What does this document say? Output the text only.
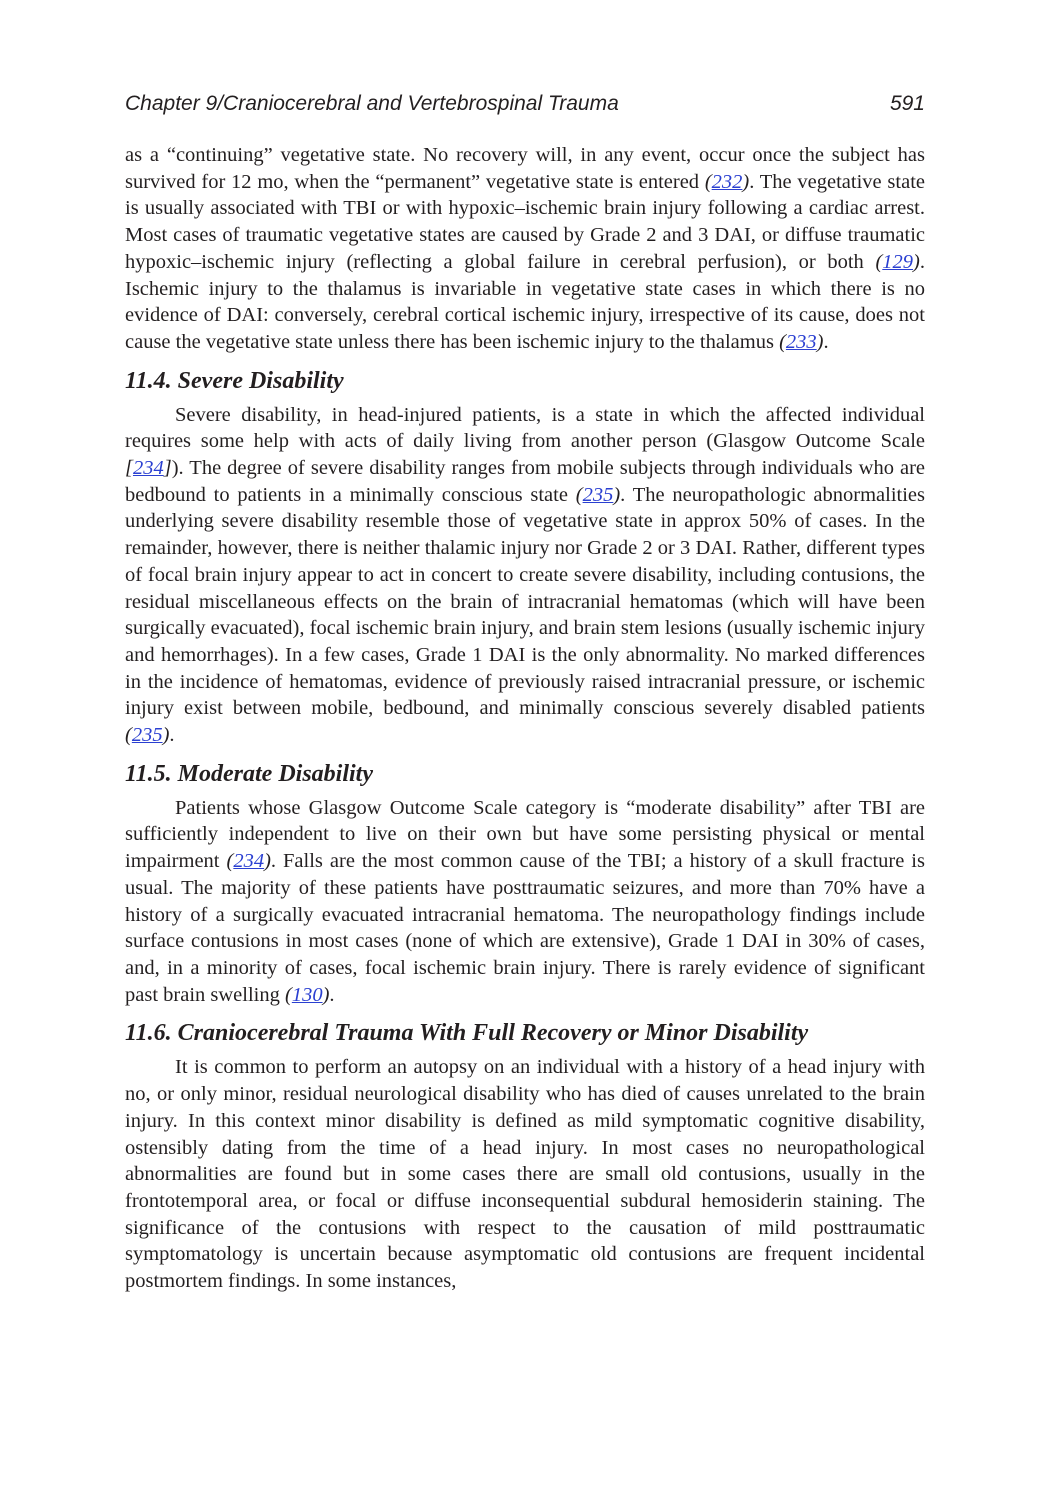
Chapter 9/Craniocerebral and Vertebrospinal Trauma	591

as a “continuing” vegetative state. No recovery will, in any event, occur once the subject has survived for 12 mo, when the “permanent” vegetative state is entered (232). The vegetative state is usually associated with TBI or with hypoxic–ischemic brain injury following a cardiac arrest. Most cases of traumatic vegetative states are caused by Grade 2 and 3 DAI, or diffuse traumatic hypoxic–ischemic injury (reflecting a global failure in cerebral perfusion), or both (129). Ischemic injury to the thalamus is invariable in vegetative state cases in which there is no evidence of DAI: conversely, cerebral cortical ischemic injury, irrespective of its cause, does not cause the vegetative state unless there has been ischemic injury to the thalamus (233).

11.4. Severe Disability

Severe disability, in head-injured patients, is a state in which the affected individual requires some help with acts of daily living from another person (Glasgow Outcome Scale [234]). The degree of severe disability ranges from mobile subjects through individuals who are bedbound to patients in a minimally conscious state (235). The neuropathologic abnormalities underlying severe disability resemble those of vegetative state in approx 50% of cases. In the remainder, however, there is neither thalamic injury nor Grade 2 or 3 DAI. Rather, different types of focal brain injury appear to act in concert to create severe disability, including contusions, the residual miscellaneous effects on the brain of intracranial hematomas (which will have been surgically evacuated), focal ischemic brain injury, and brain stem lesions (usually ischemic injury and hemorrhages). In a few cases, Grade 1 DAI is the only abnormality. No marked differences in the incidence of hematomas, evidence of previously raised intracranial pressure, or ischemic injury exist between mobile, bedbound, and minimally conscious severely disabled patients (235).

11.5. Moderate Disability

Patients whose Glasgow Outcome Scale category is “moderate disability” after TBI are sufficiently independent to live on their own but have some persisting physical or mental impairment (234). Falls are the most common cause of the TBI; a history of a skull fracture is usual. The majority of these patients have posttraumatic seizures, and more than 70% have a history of a surgically evacuated intracranial hematoma. The neuropathology findings include surface contusions in most cases (none of which are extensive), Grade 1 DAI in 30% of cases, and, in a minority of cases, focal ischemic brain injury. There is rarely evidence of significant past brain swelling (130).

11.6. Craniocerebral Trauma With Full Recovery or Minor Disability

It is common to perform an autopsy on an individual with a history of a head injury with no, or only minor, residual neurological disability who has died of causes unrelated to the brain injury. In this context minor disability is defined as mild symptomatic cognitive disability, ostensibly dating from the time of a head injury. In most cases no neuropathological abnormalities are found but in some cases there are small old contusions, usually in the frontotemporal area, or focal or diffuse inconsequential subdural hemosiderin staining. The significance of the contusions with respect to the causation of mild posttraumatic symptomatology is uncertain because asymptomatic old contusions are frequent incidental postmortem findings. In some instances,
